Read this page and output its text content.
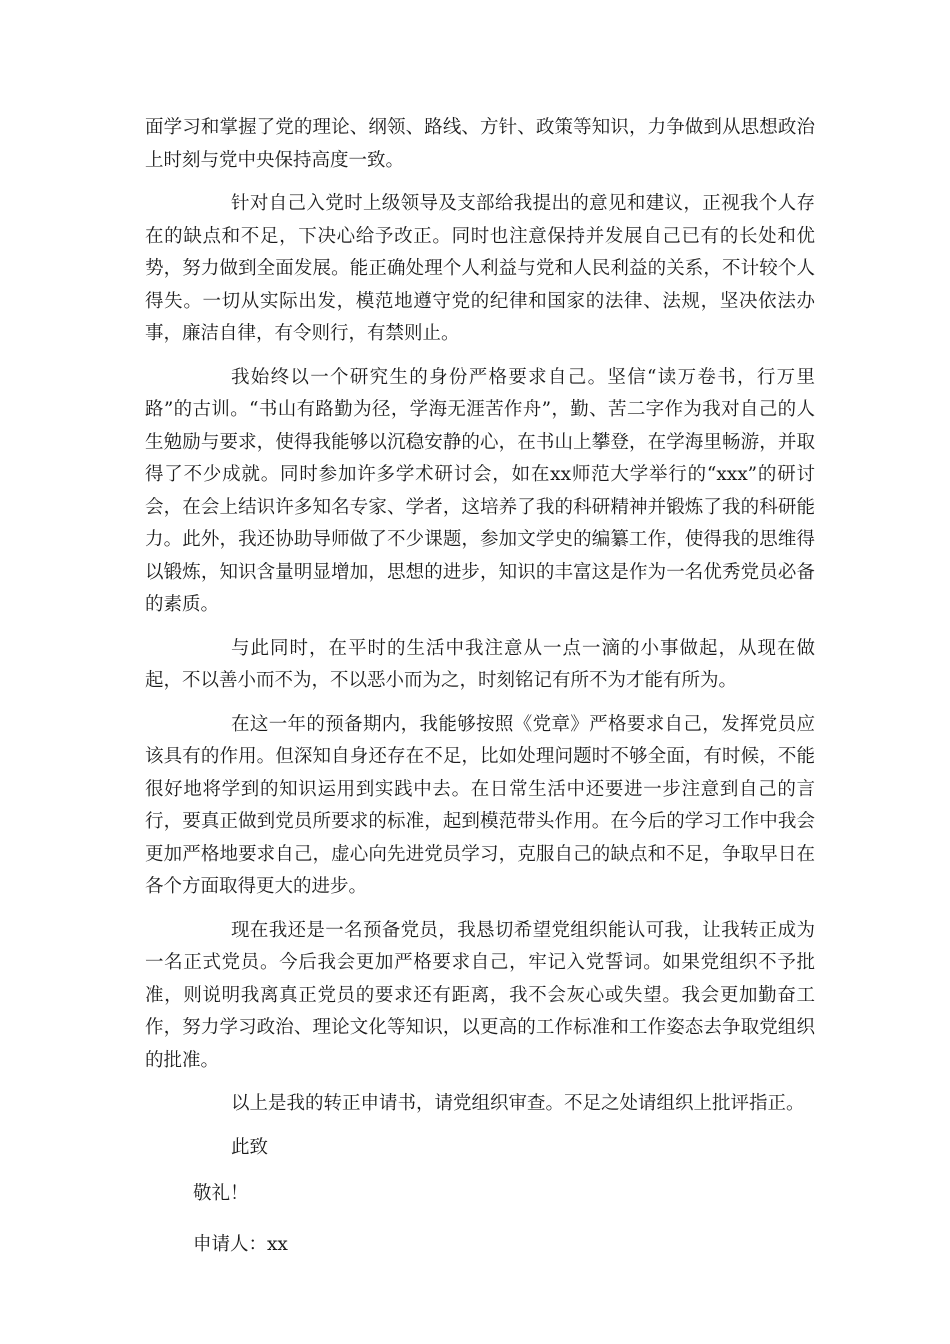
面学习和掌握了党的理论、纲领、路线、方针、政策等知识，力争做到从思想政治上时刻与党中央保持高度一致。

针对自己入党时上级领导及支部给我提出的意见和建议，正视我个人存在的缺点和不足，下决心给予改正。同时也注意保持并发展自己已有的长处和优势，努力做到全面发展。能正确处理个人利益与党和人民利益的关系，不计较个人得失。一切从实际出发，模范地遵守党的纪律和国家的法律、法规，坚决依法办事，廉洁自律，有令则行，有禁则止。

我始终以一个研究生的身份严格要求自己。坚信“读万卷书，行万里路”的古训。“书山有路勤为径，学海无涯苦作舟”，勤、苦二字作为我对自己的人生勉励与要求，使得我能够以沉稳安静的心，在书山上攀登，在学海里畅游，并取得了不少成就。同时参加许多学术研讨会，如在xx师范大学举行的“xxx”的研讨会，在会上结识许多知名专家、学者，这培养了我的科研精神并锻炼了我的科研能力。此外，我还协助导师做了不少课题，参加文学史的编纂工作，使得我的思维得以锻炼，知识含量明显增加，思想的进步，知识的丰富这是作为一名优秀党员必备的素质。

与此同时，在平时的生活中我注意从一点一滴的小事做起，从现在做起，不以善小而不为，不以恶小而为之，时刻铭记有所不为才能有所为。

在这一年的预备期内，我能够按照《党章》严格要求自己，发挥党员应该具有的作用。但深知自身还存在不足，比如处理问题时不够全面，有时候，不能很好地将学到的知识运用到实践中去。在日常生活中还要进一步注意到自己的言行，要真正做到党员所要求的标准，起到模范带头作用。在今后的学习工作中我会更加严格地要求自己，虚心向先进党员学习，克服自己的缺点和不足，争取早日在各个方面取得更大的进步。

现在我还是一名预备党员，我恳切希望党组织能认可我，让我转正成为一名正式党员。今后我会更加严格要求自己，牢记入党誓词。如果党组织不予批准，则说明我离真正党员的要求还有距离，我不会灰心或失望。我会更加勤奋工作，努力学习政治、理论文化等知识，以更高的工作标准和工作姿态去争取党组织的批准。

以上是我的转正申请书，请党组织审查。不足之处请组织上批评指正。

此致
敬礼！
申请人：xx
